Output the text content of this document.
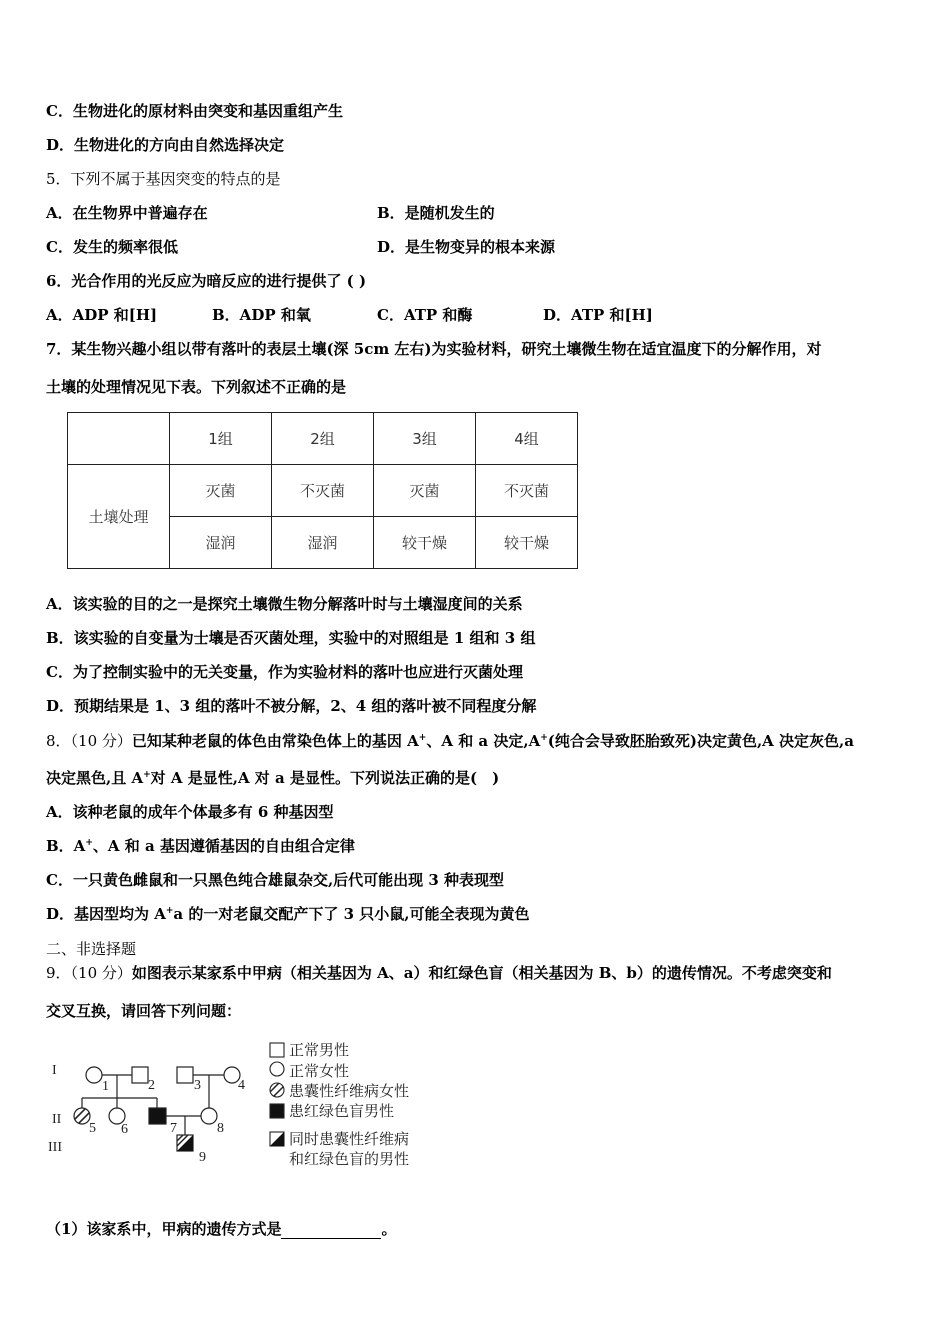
C．生物进化的原材料由突变和基因重组产生
D．生物进化的方向由自然选择决定
5．下列不属于基因突变的特点的是
A．在生物界中普遍存在	B．是随机发生的
C．发生的频率很低	D．是生物变异的根本来源
6．光合作用的光反应为暗反应的进行提供了 ( )
A．ADP 和[H]	B．ADP 和氧	C．ATP 和酶	D．ATP 和[H]
7．某生物兴趣小组以带有落叶的表层土壤(深 5cm 左右)为实验材料，研究土壤微生物在适宜温度下的分解作用，对
土壤的处理情况见下表。下列叙述不正确的是
	1组	2组	3组	4组
土壤处理	灭菌	不灭菌	灭菌	不灭菌
	湿润	湿润	较干燥	较干燥
A．该实验的目的之一是探究土壤微生物分解落叶时与土壤湿度间的关系
B．该实验的自变量为士壤是否灭菌处理，实验中的对照组是 1 组和 3 组
C．为了控制实验中的无关变量，作为实验材料的落叶也应进行灭菌处理
D．预期结果是 1、3 组的落叶不被分解，2、4 组的落叶被不同程度分解
8．（10 分）已知某种老鼠的体色由常染色体上的基因 A+、A 和 a 决定,A+(纯合会导致胚胎致死)决定黄色,A 决定灰色,a
决定黑色,且 A+对 A 是显性,A 对 a 是显性。下列说法正确的是(　)
A．该种老鼠的成年个体最多有 6 种基因型
B．A+、A 和 a 基因遵循基因的自由组合定律
C．一只黄色雌鼠和一只黑色纯合雄鼠杂交,后代可能出现 3 种表现型
D．基因型均为 A+a 的一对老鼠交配产下了 3 只小鼠,可能全表现为黄色
二、非选择题
9．（10 分）如图表示某家系中甲病（相关基因为 A、a）和红绿色盲（相关基因为 B、b）的遗传情况。不考虑突变和
交叉互换，请回答下列问题：
I
II
III
1	2	3	4
5 6	7	8
9
正常男性
正常女性
患囊性纤维病女性
患红绿色盲男性
同时患囊性纤维病
和红绿色盲的男性
（1）该家系中，甲病的遗传方式是	。
